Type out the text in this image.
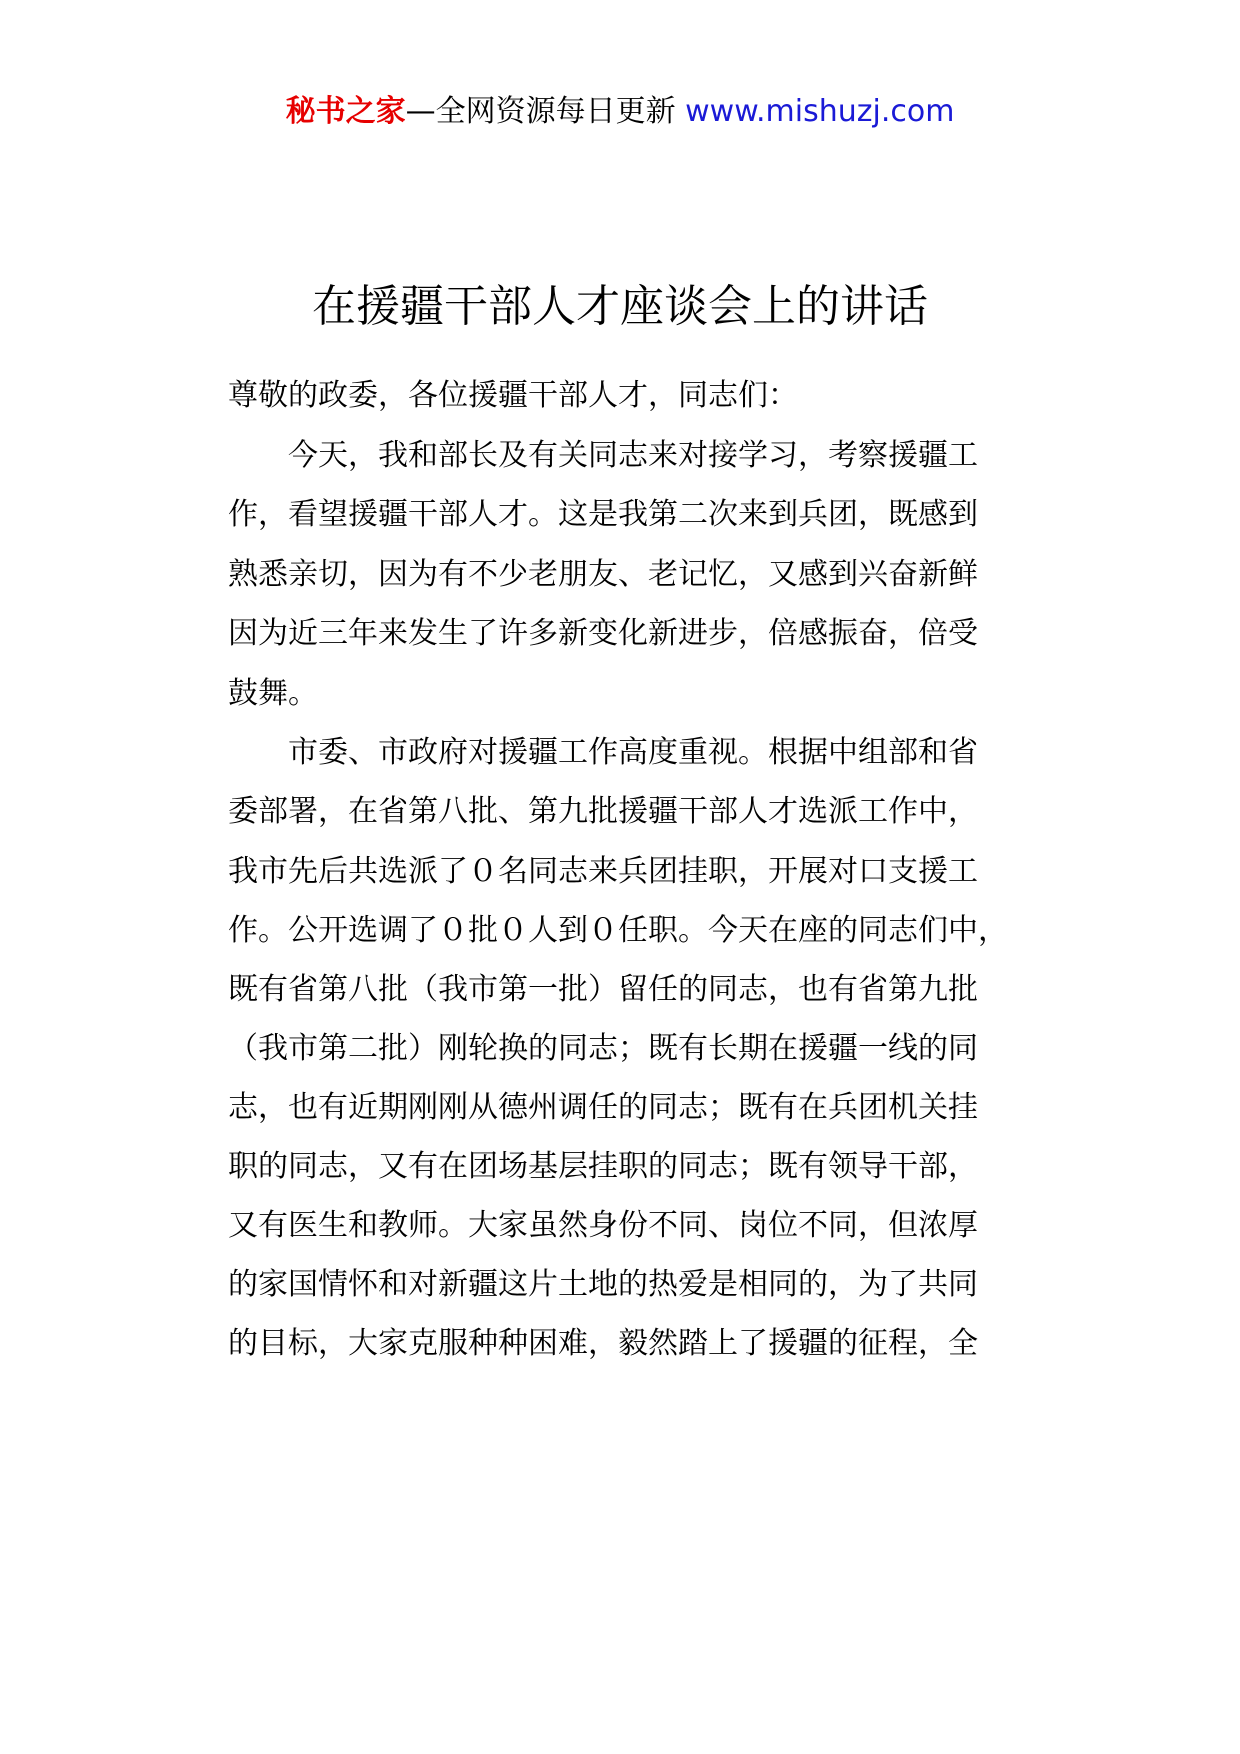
秘书之家—全网资源每日更新 www.mishuzj.com
在援疆干部人才座谈会上的讲话
尊敬的政委，各位援疆干部人才，同志们：
今天，我和部长及有关同志来对接学习，考察援疆工
作，看望援疆干部人才。这是我第二次来到兵团，既感到
熟悉亲切，因为有不少老朋友、老记忆，又感到兴奋新鲜
因为近三年来发生了许多新变化新进步，倍感振奋，倍受
鼓舞。
市委、市政府对援疆工作高度重视。根据中组部和省
委部署，在省第八批、第九批援疆干部人才选派工作中，
我市先后共选派了０名同志来兵团挂职，开展对口支援工
作。公开选调了０批０人到０任职。今天在座的同志们中，
既有省第八批（我市第一批）留任的同志，也有省第九批
（我市第二批）刚轮换的同志；既有长期在援疆一线的同
志，也有近期刚刚从德州调任的同志；既有在兵团机关挂
职的同志，又有在团场基层挂职的同志；既有领导干部，
又有医生和教师。大家虽然身份不同、岗位不同，但浓厚
的家国情怀和对新疆这片土地的热爱是相同的，为了共同
的目标，大家克服种种困难，毅然踏上了援疆的征程，全
